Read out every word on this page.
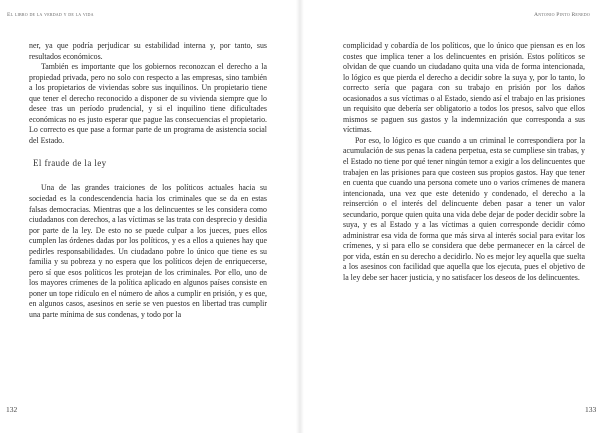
El libro de la verdad y de la vida

ner, ya que podría perjudicar su estabilidad interna y, por tanto, sus resultados económicos.

También es importante que los gobiernos reconozcan el derecho a la propiedad privada, pero no solo con respecto a las empresas, sino también a los propietarios de viviendas sobre sus inquilinos. Un propietario tiene que tener el derecho reconocido a disponer de su vivienda siempre que lo desee tras un período prudencial, y si el inquilino tiene dificultades económicas no es justo esperar que pague las consecuencias el propietario. Lo correcto es que pase a formar parte de un programa de asistencia social del Estado.

El fraude de la ley

Una de las grandes traiciones de los políticos actuales hacia su sociedad es la condescendencia hacia los criminales que se da en estas falsas democracias. Mientras que a los delincuentes se les considera como ciudadanos con derechos, a las víctimas se las trata con desprecio y desidia por parte de la ley. De esto no se puede culpar a los jueces, pues ellos cumplen las órdenes dadas por los políticos, y es a ellos a quienes hay que pedirles responsabilidades. Un ciudadano pobre lo único que tiene es su familia y su pobreza y no espera que los políticos dejen de enriquecerse, pero sí que esos políticos les protejan de los criminales. Por ello, uno de los mayores crímenes de la política aplicado en algunos países consiste en poner un tope ridículo en el número de años a cumplir en prisión, y es que, en algunos casos, asesinos en serie se ven puestos en libertad tras cumplir una parte mínima de sus condenas, y todo por la

132
Antonio Pinto Renedo

complicidad y cobardía de los políticos, que lo único que piensan es en los costes que implica tener a los delincuentes en prisión. Estos políticos se olvidan de que cuando un ciudadano quita una vida de forma intencionada, lo lógico es que pierda el derecho a decidir sobre la suya y, por lo tanto, lo correcto sería que pagara con su trabajo en prisión por los daños ocasionados a sus víctimas o al Estado, siendo así el trabajo en las prisiones un requisito que debería ser obligatorio a todos los presos, salvo que ellos mismos se paguen sus gastos y la indemnización que corresponda a sus víctimas.

Por eso, lo lógico es que cuando a un criminal le correspondiera por la acumulación de sus penas la cadena perpetua, esta se cumpliese sin trabas, y el Estado no tiene por qué tener ningún temor a exigir a los delincuentes que trabajen en las prisiones para que costeen sus propios gastos. Hay que tener en cuenta que cuando una persona comete uno o varios crímenes de manera intencionada, una vez que este detenido y condenado, el derecho a la reinserción o el interés del delincuente deben pasar a tener un valor secundario, porque quien quita una vida debe dejar de poder decidir sobre la suya, y es al Estado y a las víctimas a quien corresponde decidir cómo administrar esa vida de forma que más sirva al interés social para evitar los crímenes, y si para ello se considera que debe permanecer en la cárcel de por vida, están en su derecho a decidirlo. No es mejor ley aquella que suelta a los asesinos con facilidad que aquella que los ejecuta, pues el objetivo de la ley debe ser hacer justicia, y no satisfacer los deseos de los delincuentes.

133
